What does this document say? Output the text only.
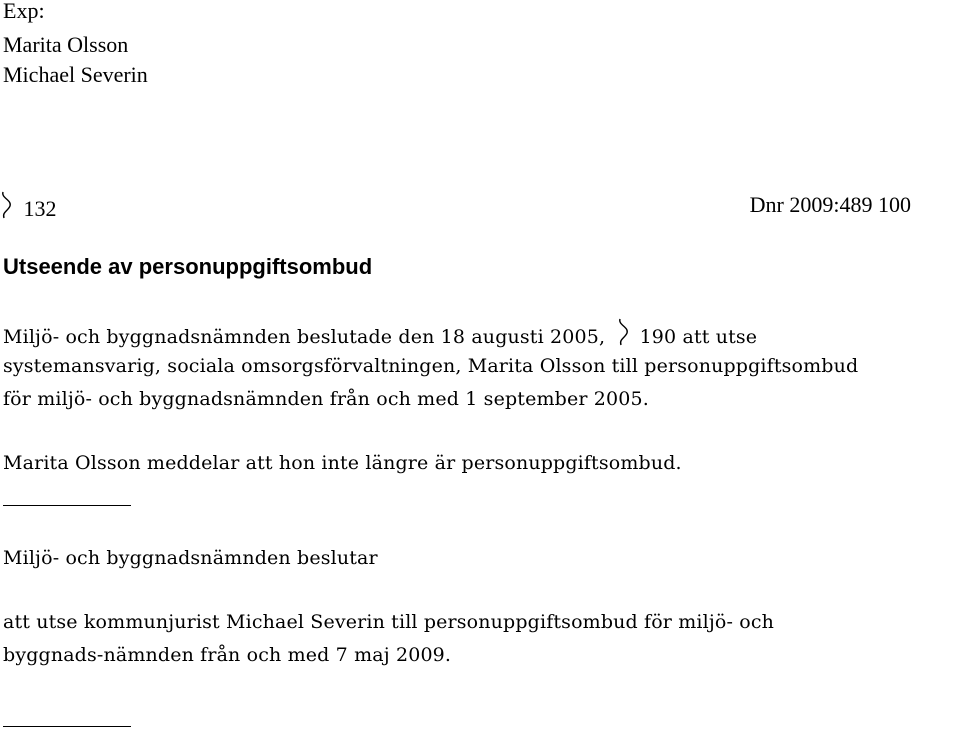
Exp:
Marita Olsson
Michael Severin
132	Dnr 2009:489 100
Utseende av personuppgiftsombud
Miljö- och byggnadsnämnden beslutade den 18 augusti 2005, 190 att utse
systemansvarig, sociala omsorgsförvaltningen, Marita Olsson till personuppgiftsombud
för miljö- och byggnadsnämnden från och med 1 september 2005.
Marita Olsson meddelar att hon inte längre är personuppgiftsombud.
Miljö- och byggnadsnämnden beslutar
att utse kommunjurist Michael Severin till personuppgiftsombud för miljö- och
byggnads-nämnden från och med 7 maj 2009.
